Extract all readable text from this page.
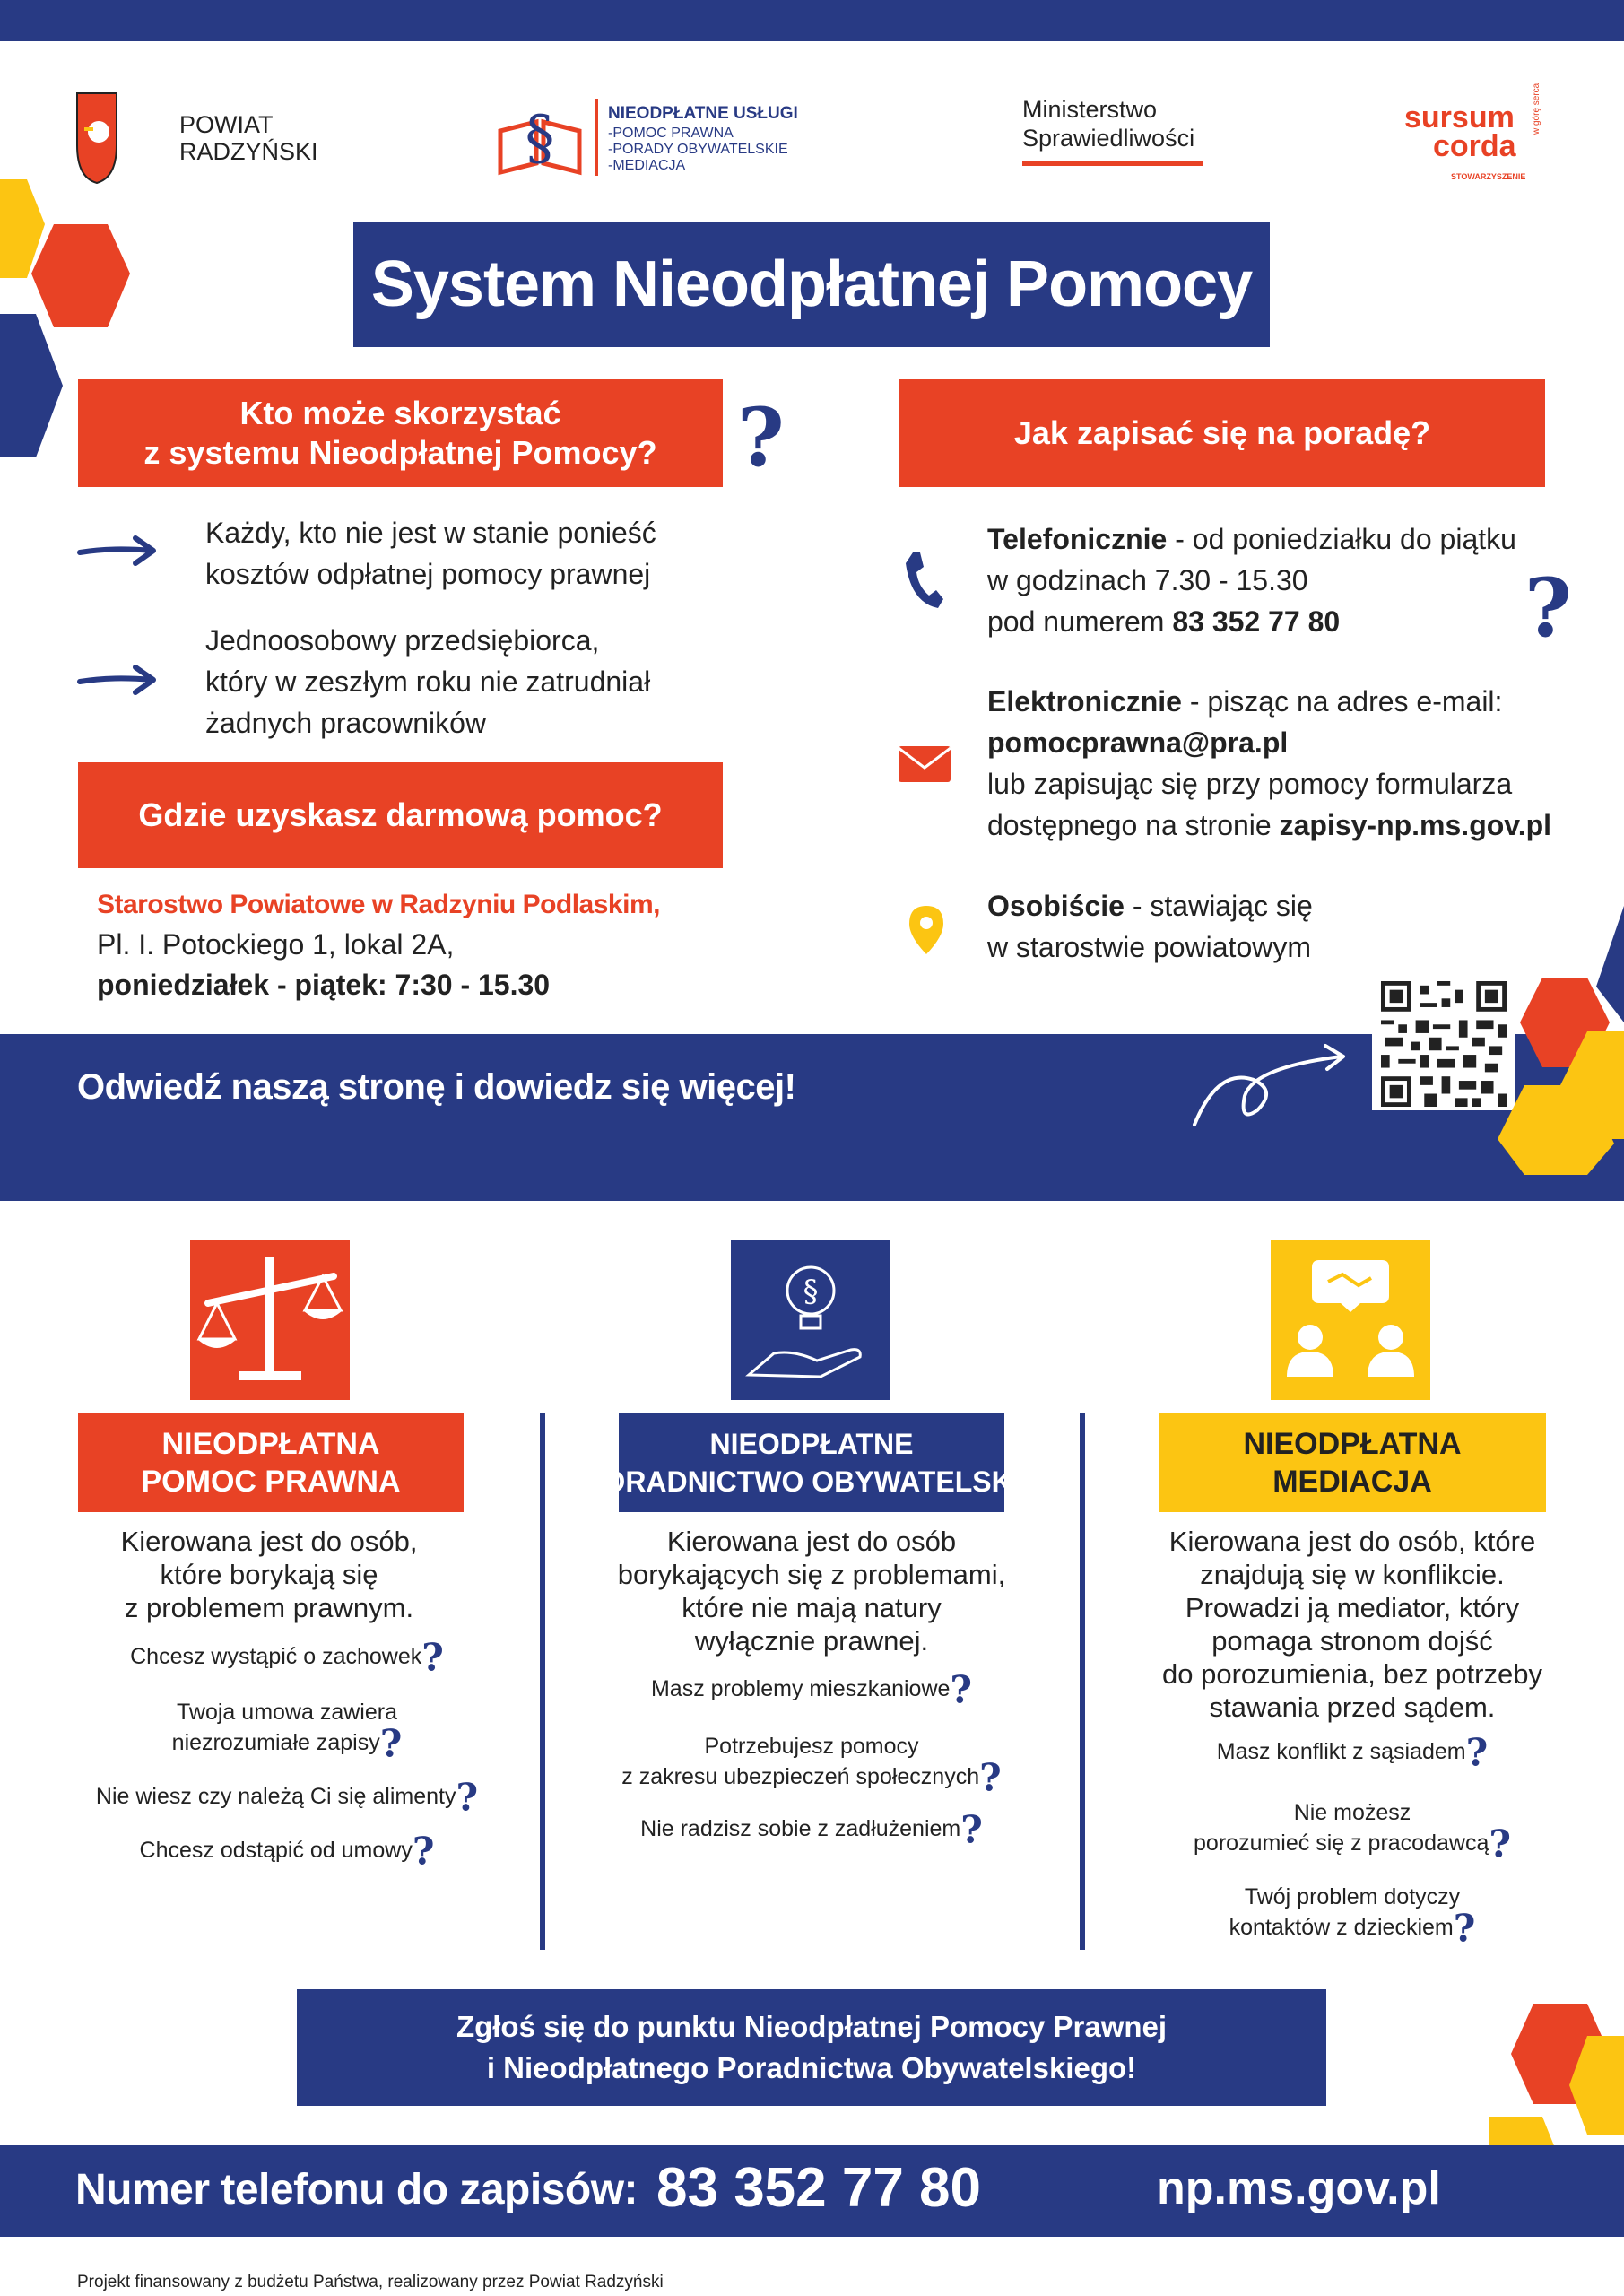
POWIAT
RADZYŃSKI	§	NIEODPŁATNE USŁUGI
-POMOC PRAWNA
-PORADY OBYWATELSKIE
-MEDIACJA
Ministerstwo
Sprawiedliwości
sursum
corda
STOWARZYSZENIE
w górę serca
System Nieodpłatnej Pomocy
Kto może skorzystać
z systemu Nieodpłatnej Pomocy? ?
Każdy, kto nie jest w stanie ponieść
kosztów odpłatnej pomocy prawnej
Jednoosobowy przedsiębiorca,
który w zeszłym roku nie zatrudniał
żadnych pracowników
Gdzie uzyskasz darmową pomoc?
Starostwo Powiatowe w Radzyniu Podlaskim,
Pl. I. Potockiego 1, lokal 2A,
poniedziałek - piątek: 7:30 - 15.30
Jak zapisać się na poradę?
Telefonicznie - od poniedziałku do piątku
w godzinach 7.30 - 15.30
pod numerem 83 352 77 80	?
Elektronicznie - pisząc na adres e-mail:
pomocprawna@pra.pl
lub zapisując się przy pomocy formularza
dostępnego na stronie zapisy-np.ms.gov.pl
Osobiście - stawiając się
w starostwie powiatowym
Odwiedź naszą stronę i dowiedz się więcej!
§
NIEODPŁATNA
POMOC PRAWNA
Kierowana jest do osób,
które borykają się
z problemem prawnym.
Chcesz wystąpić o zachowek?
Twoja umowa zawiera
niezrozumiałe zapisy?
Nie wiesz czy należą Ci się alimenty?
Chcesz odstąpić od umowy?
NIEODPŁATNE
PORADNICTWO OBYWATELSKIE
Kierowana jest do osób
borykających się z problemami,
które nie mają natury
wyłącznie prawnej.
Masz problemy mieszkaniowe?
Potrzebujesz pomocy
z zakresu ubezpieczeń społecznych?
Nie radzisz sobie z zadłużeniem?
NIEODPŁATNA
MEDIACJA
Kierowana jest do osób, które
znajdują się w konflikcie.
Prowadzi ją mediator, który
pomaga stronom dojść
do porozumienia, bez potrzeby
stawania przed sądem.
Masz konflikt z sąsiadem?
Nie możesz
porozumieć się z pracodawcą?
Twój problem dotyczy
kontaktów z dzieckiem?
Zgłoś się do punktu Nieodpłatnej Pomocy Prawnej
i Nieodpłatnego Poradnictwa Obywatelskiego!
Numer telefonu do zapisów: 83 352 77 80	np.ms.gov.pl
Projekt finansowany z budżetu Państwa, realizowany przez Powiat Radzyński
